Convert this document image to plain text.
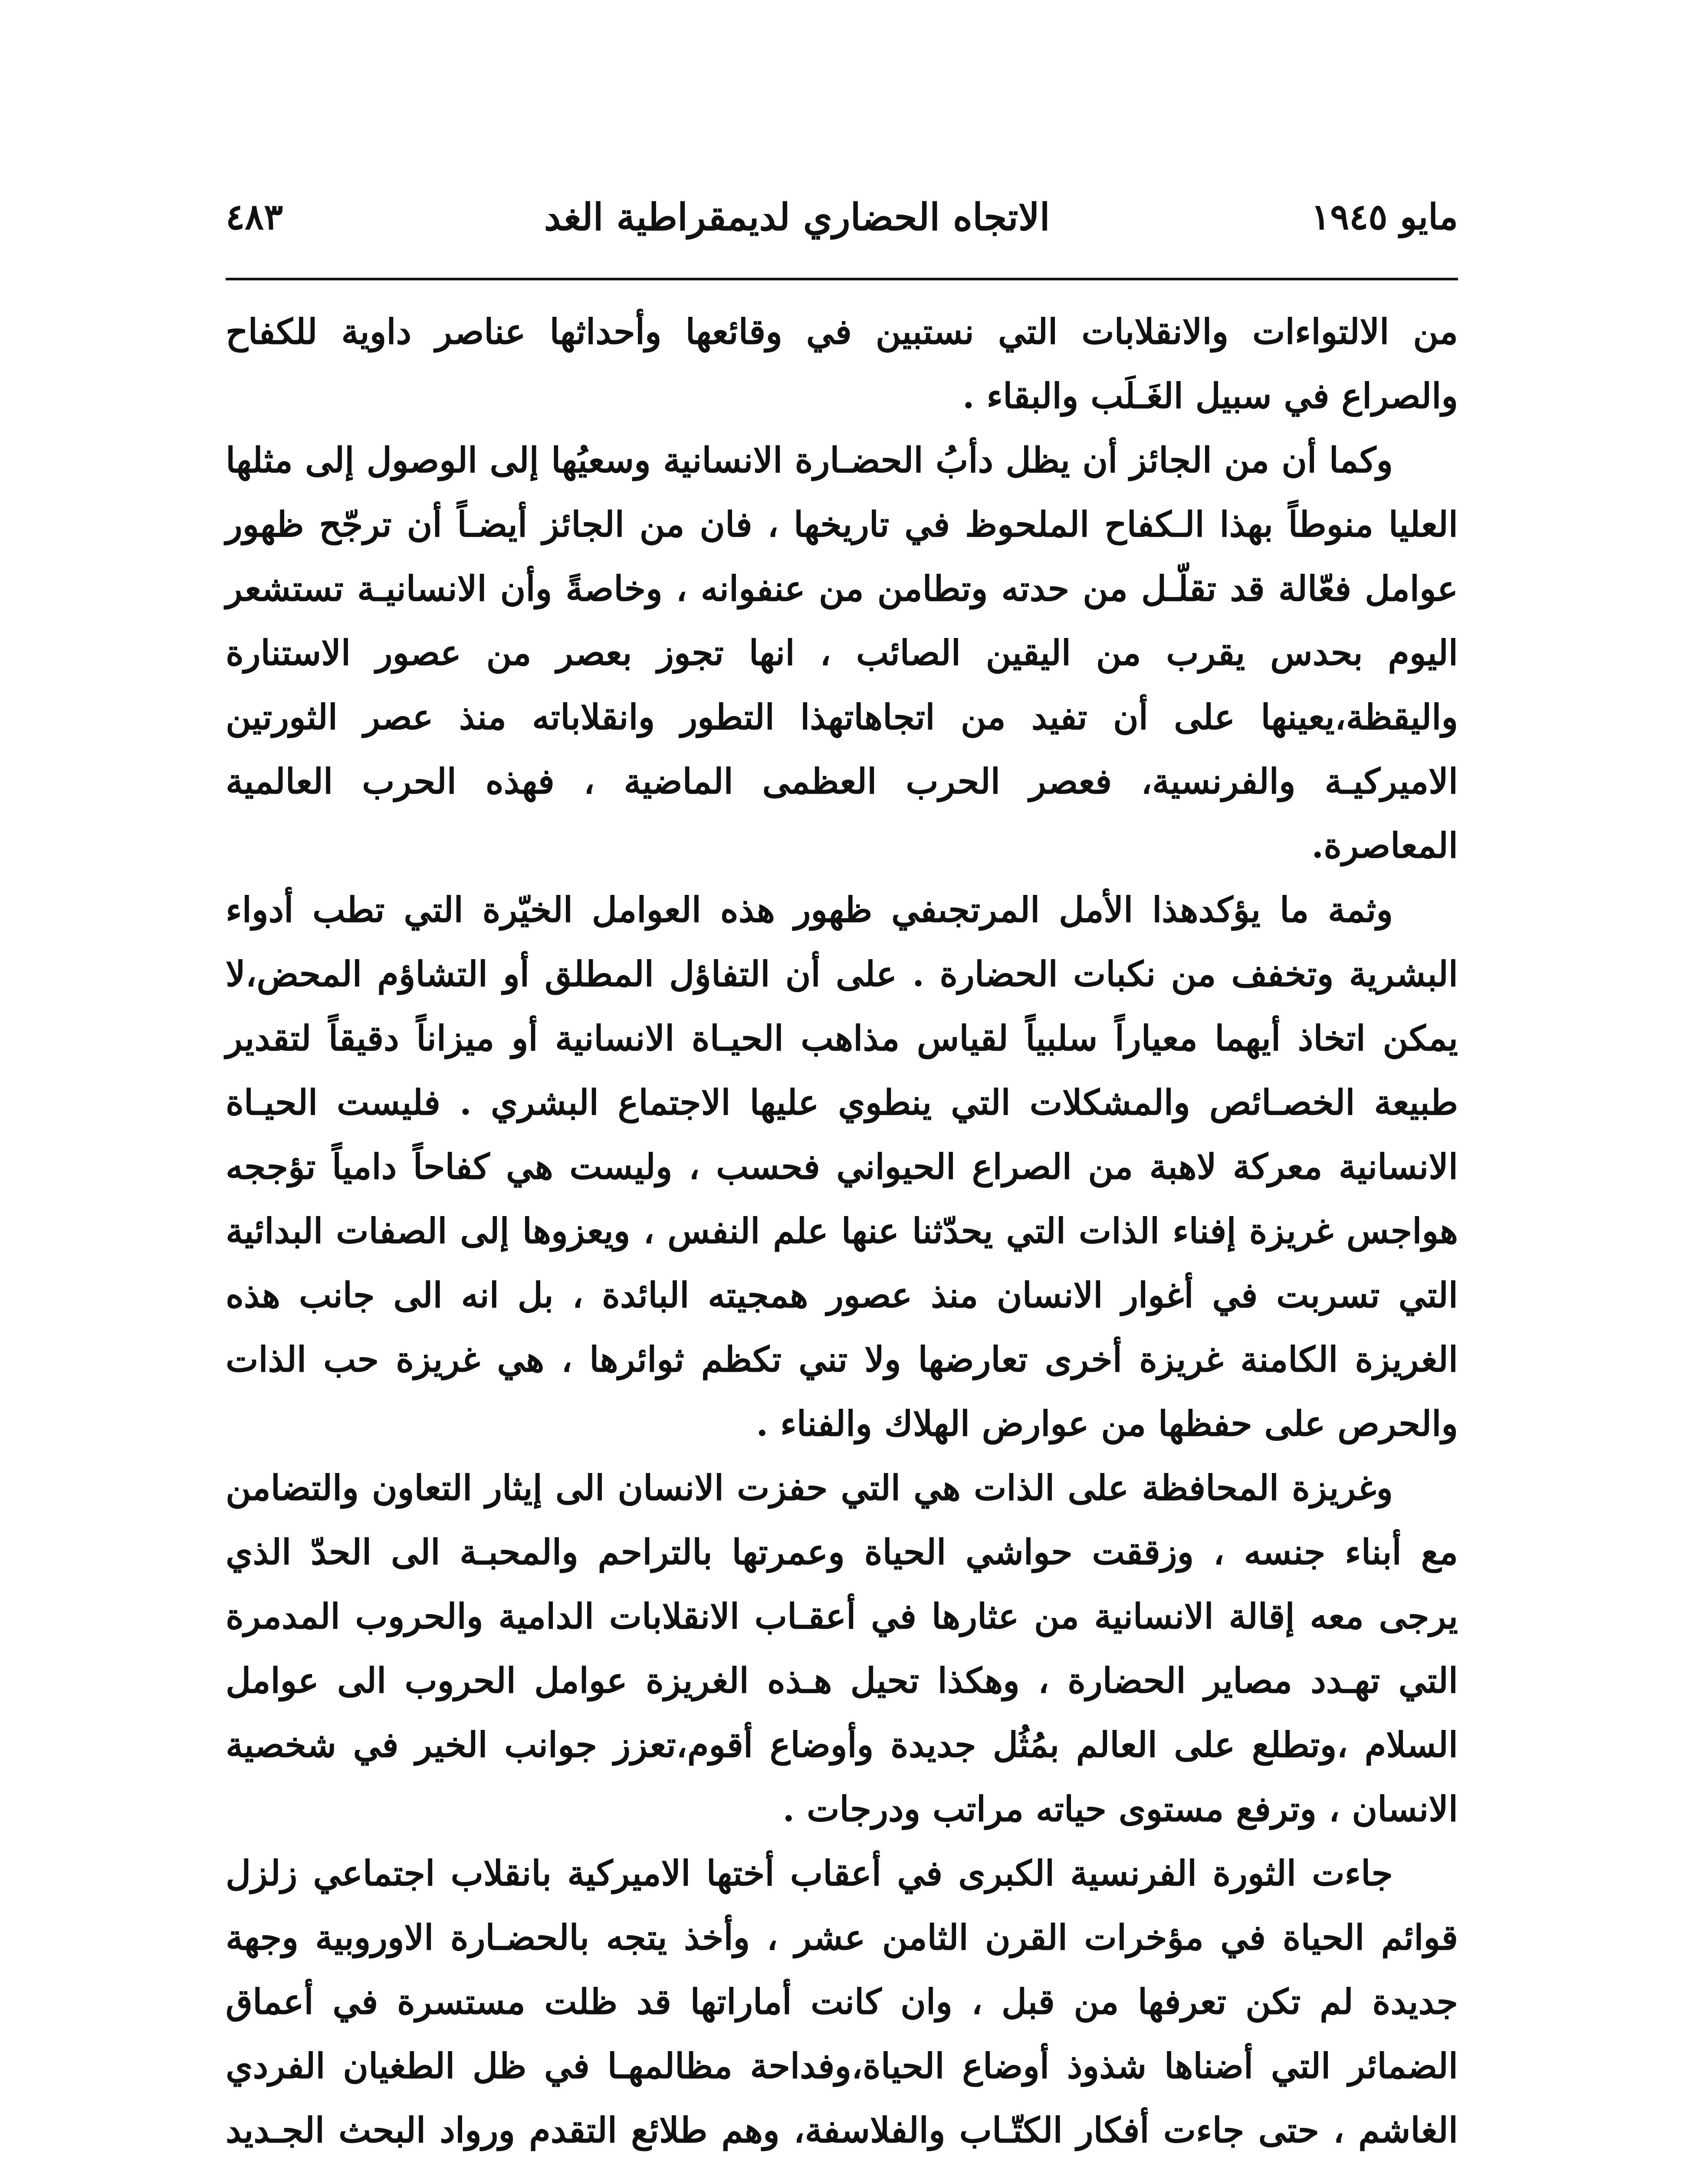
مايو ١٩٤٥
الاتجاه الحضاري لديمقراطية الغد
٤٨٣

من الالتواءات والانقلابات التي نستبين في وقائعها وأحداثها عناصر داوية للكفاح والصراع في سبيل الغَـلَب والبقاء .

وكما أن من الجائز أن يظل دأبُ الحضـارة الانسانية وسعيُها إلى الوصول إلى مثلها العليا منوطاً بهذا الـكفاح الملحوظ في تاريخها ، فان من الجائز أيضـاً أن ترجّح ظهور عوامل فعّالة قد تقلّـل من حدته وتطامن من عنفوانه ، وخاصةً وأن الانسانيـة تستشعر اليوم بحدس يقرب من اليقين الصائب ، انها تجوز بعصر من عصور الاستنارة واليقظة،يعينها على أن تفيد من اتجاهاتهذا التطور وانقلاباته منذ عصر الثورتين الاميركيـة والفرنسية، فعصر الحرب العظمى الماضية ، فهذه الحرب العالمية المعاصرة.

وثمة ما يؤكدهذا الأمل المرتجىفي ظهور هذه العوامل الخيّرة التي تطب أدواء البشرية وتخفف من نكبات الحضارة . على أن التفاؤل المطلق أو التشاؤم المحض،لا يمكن اتخاذ أيهما معياراً سلبياً لقياس مذاهب الحيـاة الانسانية أو ميزاناً دقيقاً لتقدير طبيعة الخصـائص والمشكلات التي ينطوي عليها الاجتماع البشري . فليست الحيـاة الانسانية معركة لاهبة من الصراع الحيواني فحسب ، وليست هي كفاحاً دامياً تؤججه هواجس غريزة إفناء الذات التي يحدّثنا عنها علم النفس ، ويعزوها إلى الصفات البدائية التي تسربت في أغوار الانسان منذ عصور همجيته البائدة ، بل انه الى جانب هذه الغريزة الكامنة غريزة أخرى تعارضها ولا تني تكظم ثوائرها ، هي غريزة حب الذات والحرص على حفظها من عوارض الهلاك والفناء .

وغريزة المحافظة على الذات هي التي حفزت الانسان الى إيثار التعاون والتضامن مع أبناء جنسه ، وزققت حواشي الحياة وعمرتها بالتراحم والمحبـة الى الحدّ الذي يرجى معه إقالة الانسانية من عثارها في أعقـاب الانقلابات الدامية والحروب المدمرة التي تهـدد مصاير الحضارة ، وهكذا تحيل هـذه الغريزة عوامل الحروب الى عوامل السلام ،وتطلع على العالم بمُثُل جديدة وأوضاع أقوم،تعزز جوانب الخير في شخصية الانسان ، وترفع مستوى حياته مراتب ودرجات .

جاءت الثورة الفرنسية الكبرى في أعقاب أختها الاميركية بانقلاب اجتماعي زلزل قوائم الحياة في مؤخرات القرن الثامن عشر ، وأخذ يتجه بالحضـارة الاوروبية وجهة جديدة لم تكن تعرفها من قبل ، وان كانت أماراتها قد ظلت مستسرة في أعماق الضمائر التي أضناها شذوذ أوضاع الحياة،وفداحة مظالمهـا في ظل الطغيان الفردي الغاشم ، حتى جاءت أفكار الكتّـاب والفلاسفة، وهم طلائع التقدم ورواد البحث الجـديد
